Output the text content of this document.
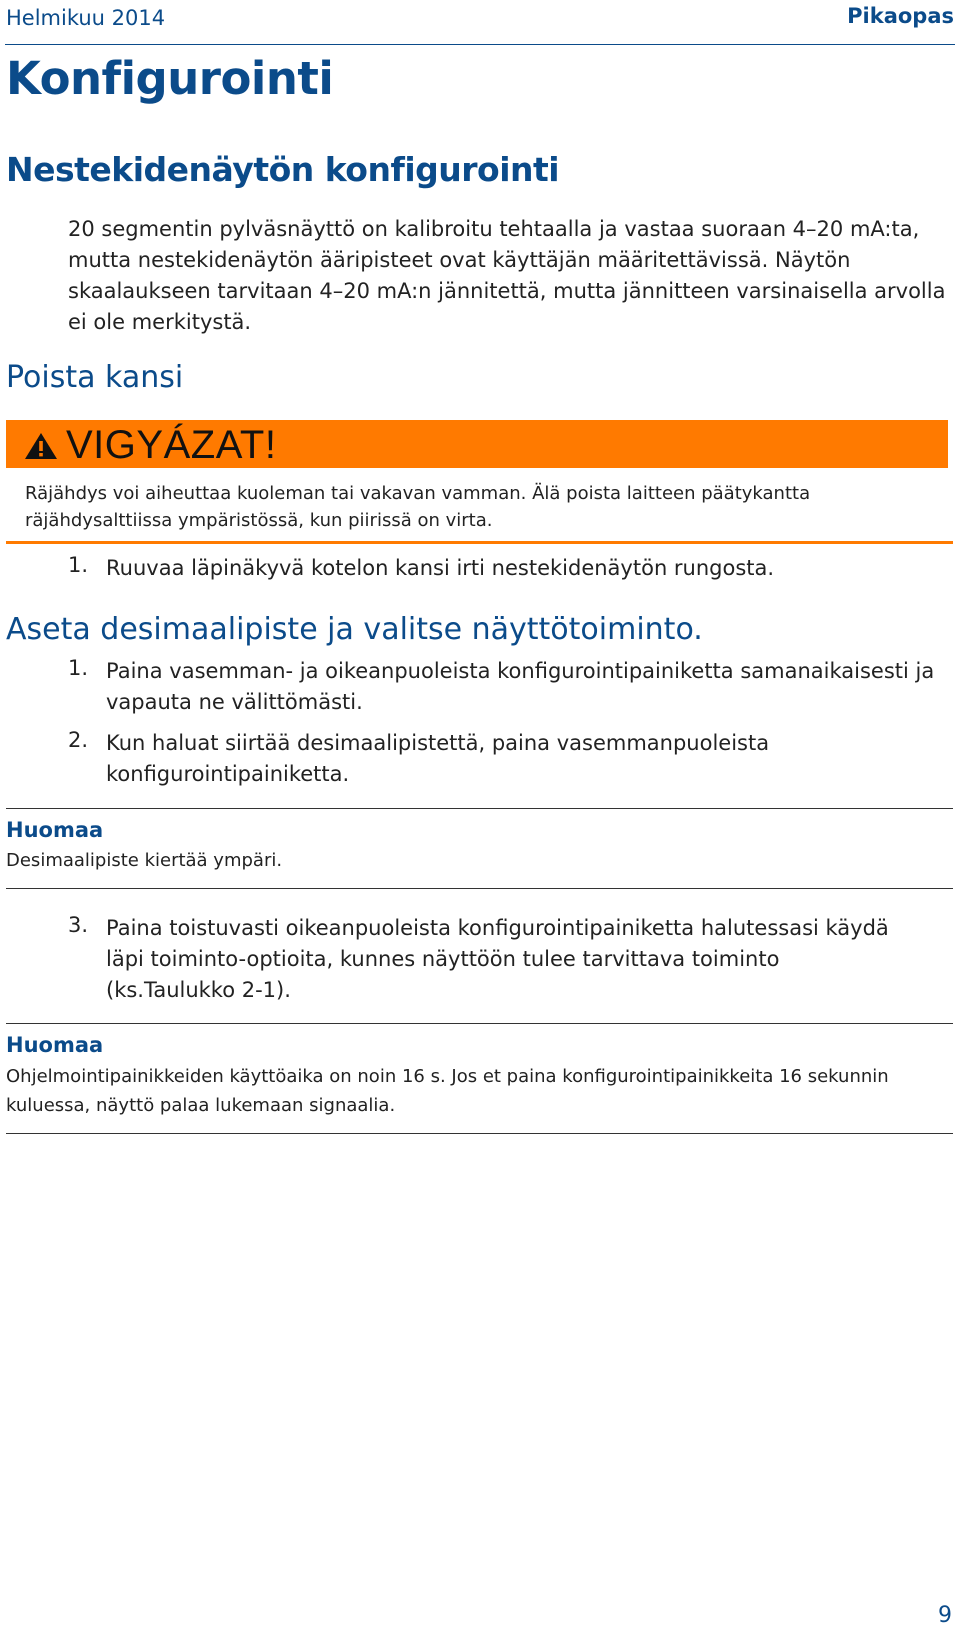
Helmikuu 2014	Pikaopas
Konfigurointi
Nestekidenäytön konfigurointi
20 segmentin pylväsnäyttö on kalibroitu tehtaalla ja vastaa suoraan 4–20 mA:ta, mutta nestekidenäytön ääripisteet ovat käyttäjän määritettävissä. Näytön skaalaukseen tarvitaan 4–20 mA:n jännitettä, mutta jännitteen varsinaisella arvolla ei ole merkitystä.
Poista kansi
VIGYÁZAT!
Räjähdys voi aiheuttaa kuoleman tai vakavan vamman. Älä poista laitteen päätykantta räjähdysalttiissa ympäristössä, kun piirissä on virta.
1. Ruuvaa läpinäkyvä kotelon kansi irti nestekidenäytön rungosta.
Aseta desimaalipiste ja valitse näyttötoiminto.
1. Paina vasemman- ja oikeanpuoleista konfigurointipainiketta samanaikaisesti ja vapauta ne välittömästi.
2. Kun haluat siirtää desimaalipistettä, paina vasemmanpuoleista konfigurointipainiketta.
Huomaa
Desimaalipiste kiertää ympäri.
3. Paina toistuvasti oikeanpuoleista konfigurointipainiketta halutessasi käydä läpi toiminto-optioita, kunnes näyttöön tulee tarvittava toiminto (ks.Taulukko 2-1).
Huomaa
Ohjelmointipainikkeiden käyttöaika on noin 16 s. Jos et paina konfigurointipainikkeita 16 sekunnin kuluessa, näyttö palaa lukemaan signaalia.
9
